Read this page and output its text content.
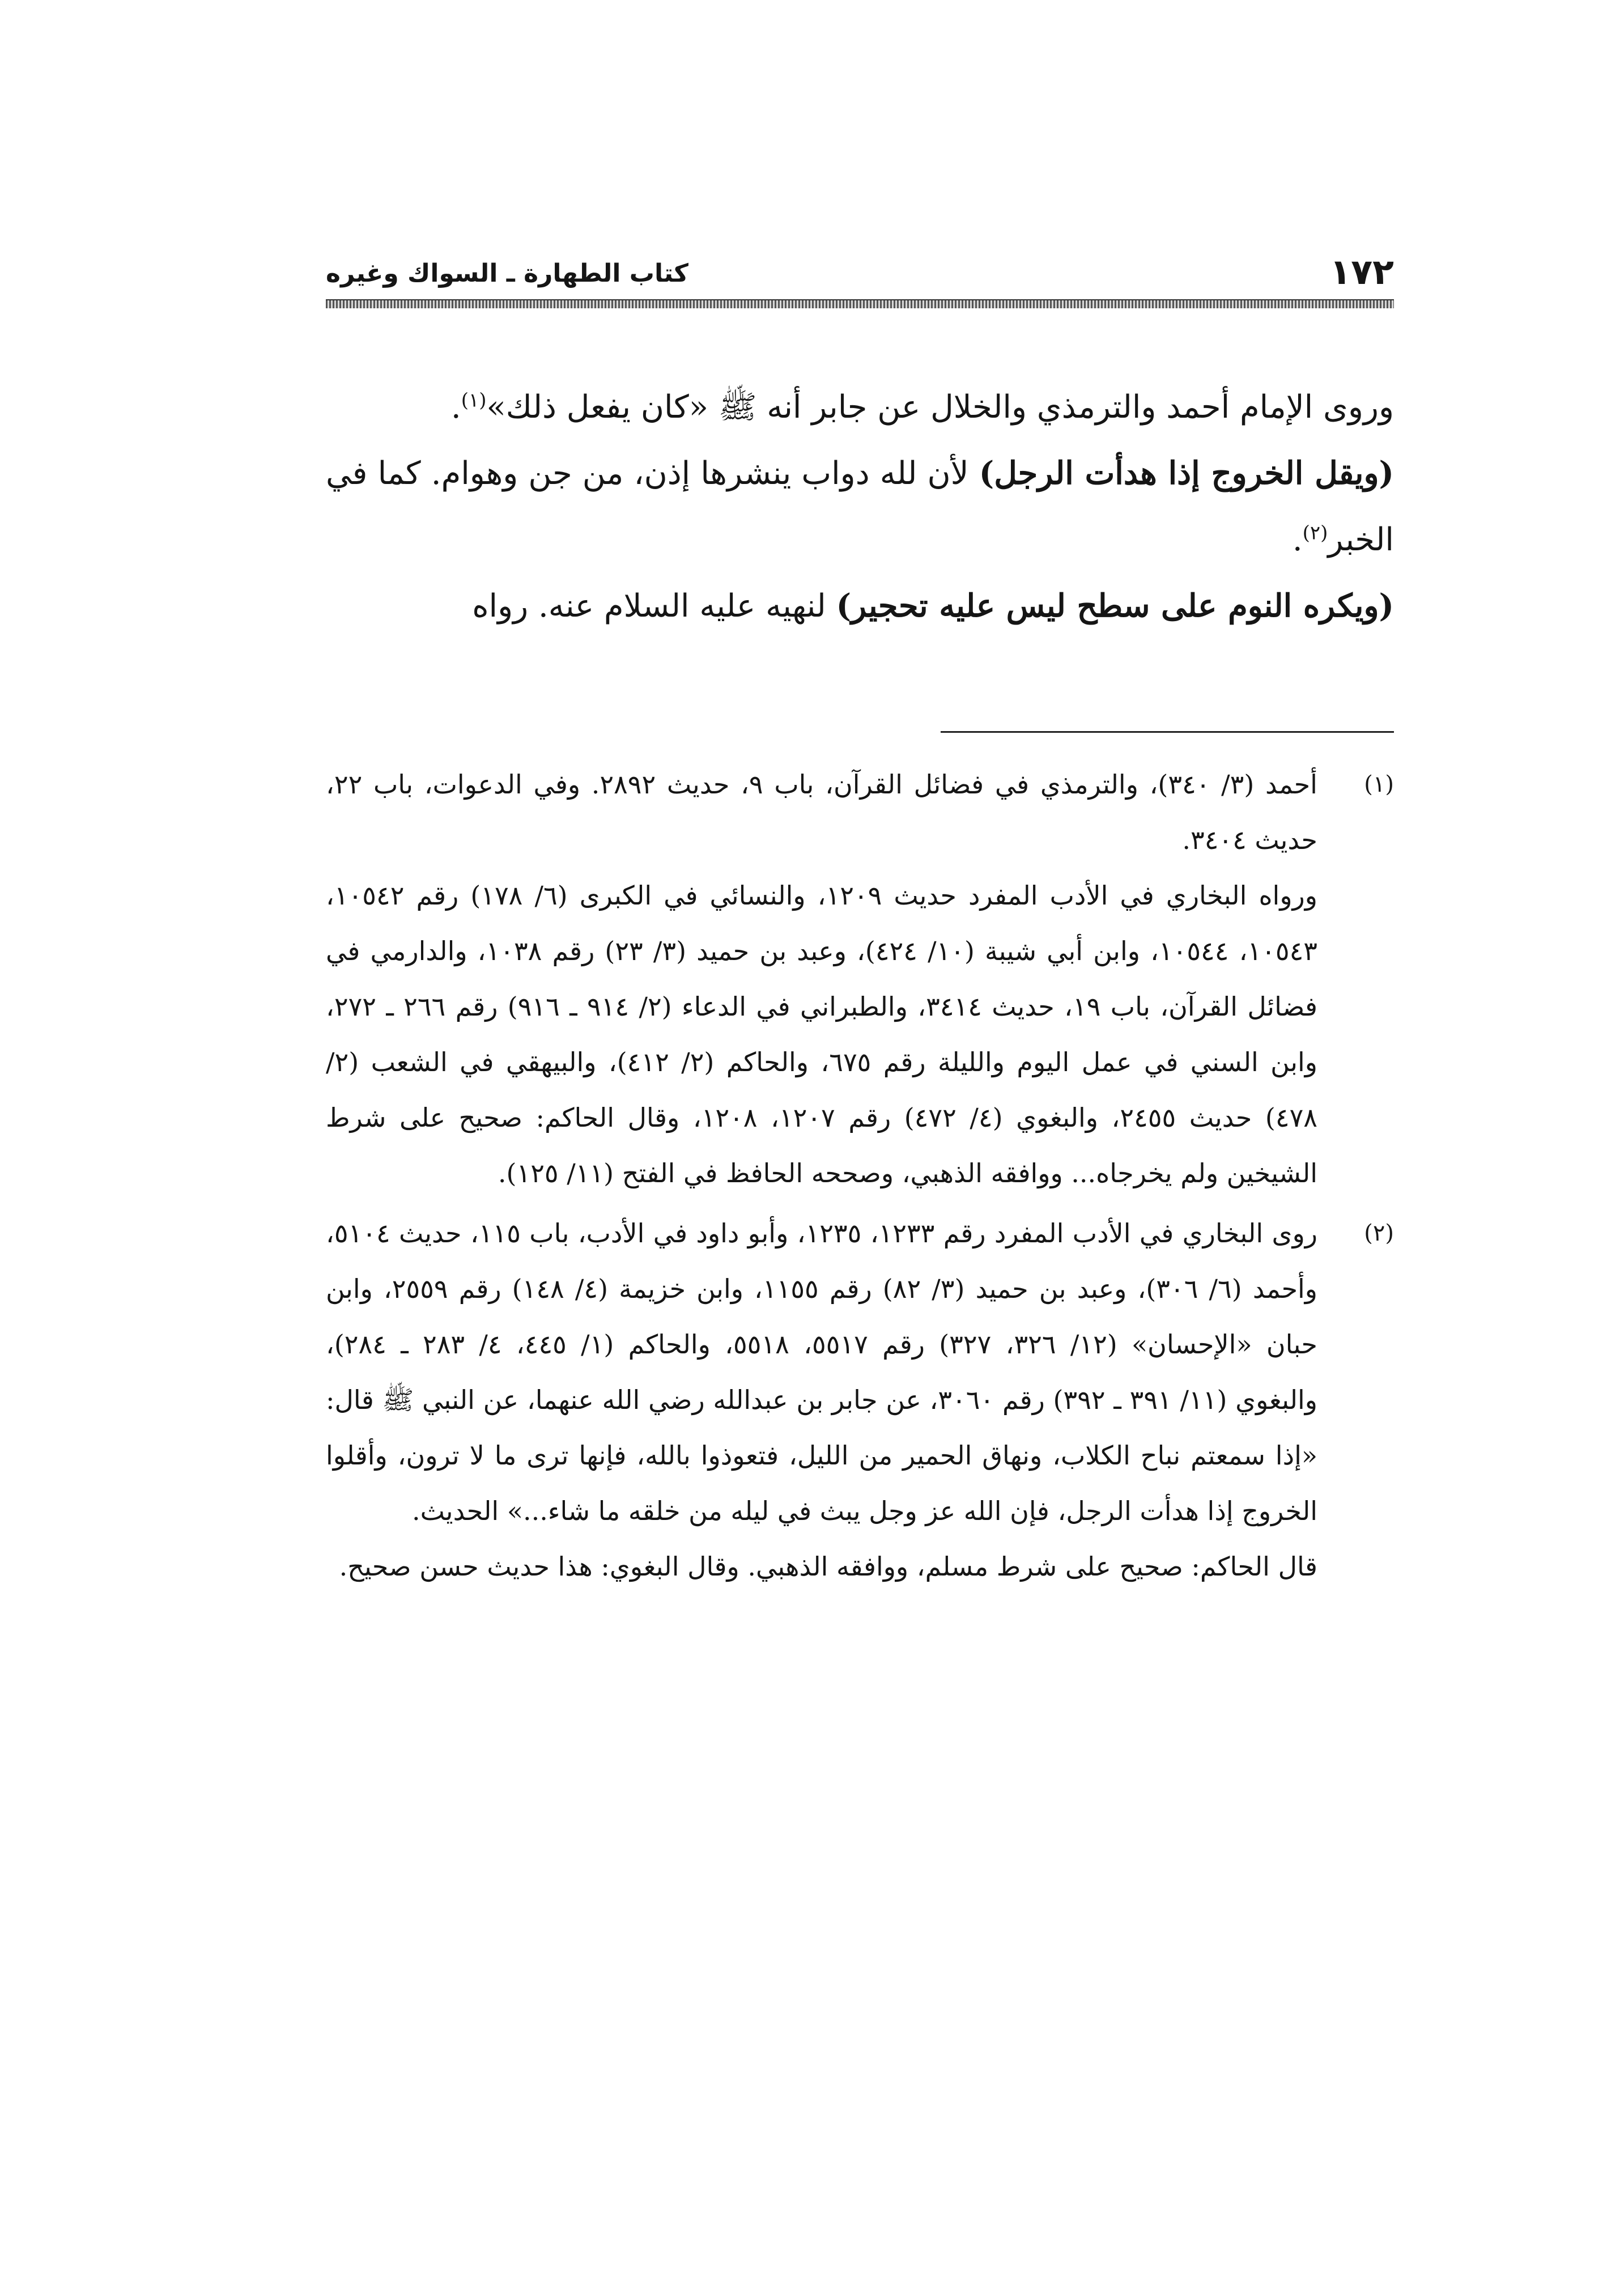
١٧٢
كتاب الطهارة ـ السواك وغيره

وروى الإمام أحمد والترمذي والخلال عن جابر أنه ﷺ «كان يفعل ذلك»$^{(١)}$.

(ويقل الخروج إذا هدأت الرجل) لأن لله دواب ينشرها إذن، من جن وهوام. كما في الخبر$^{(٢)}$.

(ويكره النوم على سطح ليس عليه تحجير) لنهيه عليه السلام عنه. رواه

(١)

أحمد (٣/ ٣٤٠)، والترمذي في فضائل القرآن، باب ٩، حديث ٢٨٩٢. وفي الدعوات، باب ٢٢، حديث ٣٤٠٤.

ورواه البخاري في الأدب المفرد حديث ١٢٠٩، والنسائي في الكبرى (٦/ ١٧٨) رقم ١٠٥٤٢، ١٠٥٤٣، ١٠٥٤٤، وابن أبي شيبة (١٠/ ٤٢٤)، وعبد بن حميد (٣/ ٢٣) رقم ١٠٣٨، والدارمي في فضائل القرآن، باب ١٩، حديث ٣٤١٤، والطبراني في الدعاء (٢/ ٩١٤ ـ ٩١٦) رقم ٢٦٦ ـ ٢٧٢، وابن السني في عمل اليوم والليلة رقم ٦٧٥، والحاكم (٢/ ٤١٢)، والبيهقي في الشعب (٢/ ٤٧٨) حديث ٢٤٥٥، والبغوي (٤/ ٤٧٢) رقم ١٢٠٧، ١٢٠٨، وقال الحاكم: صحيح على شرط الشيخين ولم يخرجاه... ووافقه الذهبي، وصححه الحافظ في الفتح (١١/ ١٢٥).

(٢)

روى البخاري في الأدب المفرد رقم ١٢٣٣، ١٢٣٥، وأبو داود في الأدب، باب ١١٥، حديث ٥١٠٤، وأحمد (٦/ ٣٠٦)، وعبد بن حميد (٣/ ٨٢) رقم ١١٥٥، وابن خزيمة (٤/ ١٤٨) رقم ٢٥٥٩، وابن حبان «الإحسان» (١٢/ ٣٢٦، ٣٢٧) رقم ٥٥١٧، ٥٥١٨، والحاكم (١/ ٤٤٥، ٤/ ٢٨٣ ـ ٢٨٤)، والبغوي (١١/ ٣٩١ ـ ٣٩٢) رقم ٣٠٦٠، عن جابر بن عبدالله رضي الله عنهما، عن النبي ﷺ قال: «إذا سمعتم نباح الكلاب، ونهاق الحمير من الليل، فتعوذوا بالله، فإنها ترى ما لا ترون، وأقلوا الخروج إذا هدأت الرجل، فإن الله عز وجل يبث في ليله من خلقه ما شاء...» الحديث.

قال الحاكم: صحيح على شرط مسلم، ووافقه الذهبي. وقال البغوي: هذا حديث حسن صحيح.
